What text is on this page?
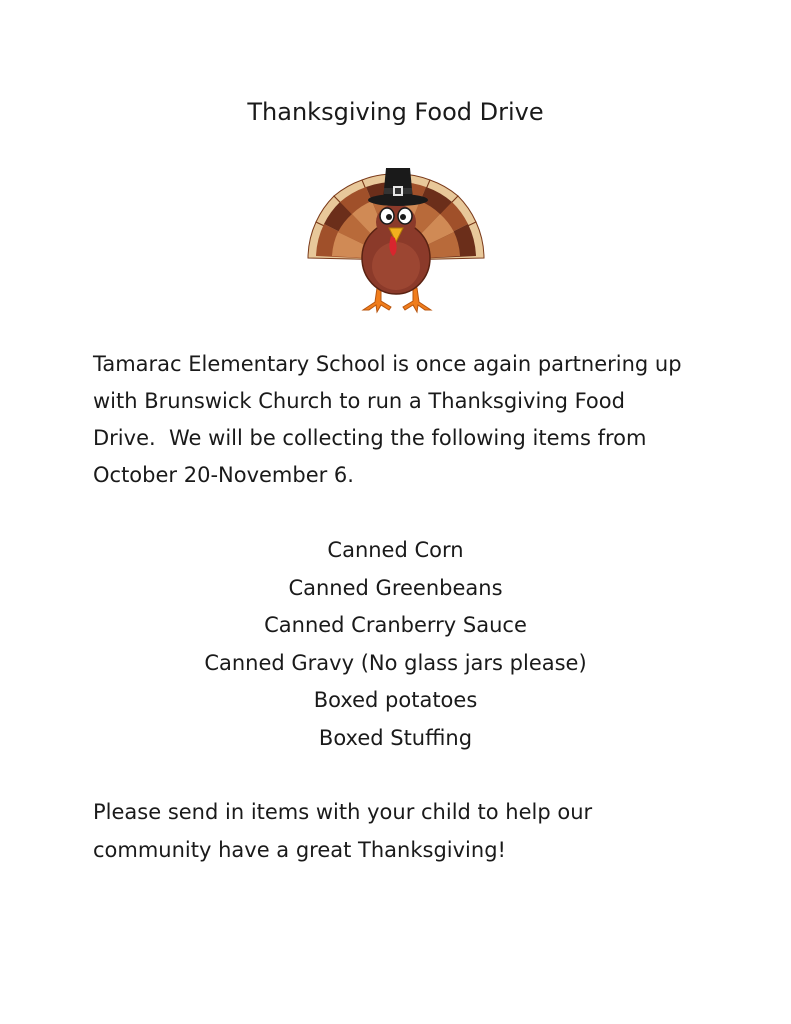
Thanksgiving Food Drive

Tamarac Elementary School is once again partnering up
with Brunswick Church to run a Thanksgiving Food
Drive.  We will be collecting the following items from
October 20-November 6.

Canned Corn
Canned Greenbeans
Canned Cranberry Sauce
Canned Gravy (No glass jars please)
Boxed potatoes
Boxed Stuffing

Please send in items with your child to help our
community have a great Thanksgiving!
